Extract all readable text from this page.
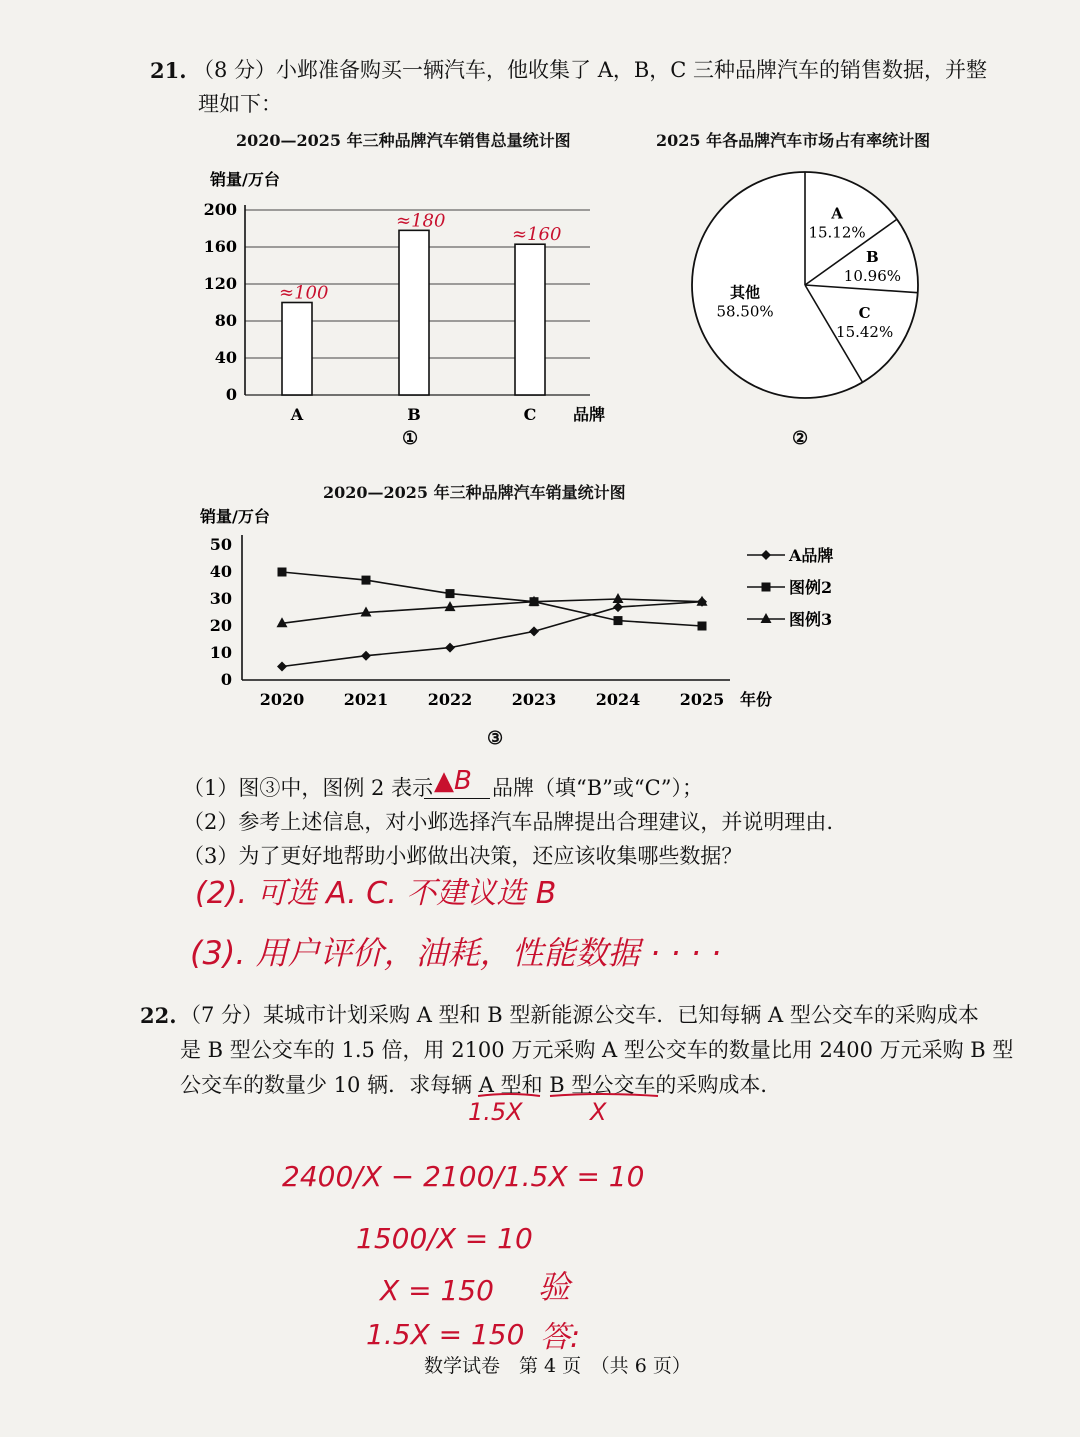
21. （8 分）小邺准备购买一辆汽车，他收集了 A，B，C 三种品牌汽车的销售数据，并整
理如下：
2020—2025 年三种品牌汽车销售总量统计图	2025 年各品牌汽车市场占有率统计图
销量/万台
0
40
80
120
160
200
A	B	C 品牌
≈100
≈180
≈160
①
A
15.12%
B
10.96%
C
15.42%
其他
58.50%
②
2020—2025 年三种品牌汽车销量统计图
销量/万台
0
10
20
30
40
50
2020 2021 2022 2023 2024 2025 年份
A品牌
图例2
图例3
③
（1）图③中，图例 2 表示 ▲B 品牌（填“B”或“C”）；
（2）参考上述信息，对小邺选择汽车品牌提出合理建议，并说明理由.
（3）为了更好地帮助小邺做出决策，还应该收集哪些数据？
(2). 可选 A. C. 不建议选 B
(3). 用户评价，油耗，性能数据 · · · ·
22. （7 分）某城市计划采购 A 型和 B 型新能源公交车．已知每辆 A 型公交车的采购成本
是 B 型公交车的 1.5 倍，用 2100 万元采购 A 型公交车的数量比用 2400 万元采购 B 型
公交车的数量少 10 辆．求每辆 A 型和 B 型公交车的采购成本．
1.5X	X
2400/X − 2100/1.5X = 10
1500/X = 10
X = 150 验
1.5X = 150 答:
数学试卷　第 4 页　（共 6 页）
